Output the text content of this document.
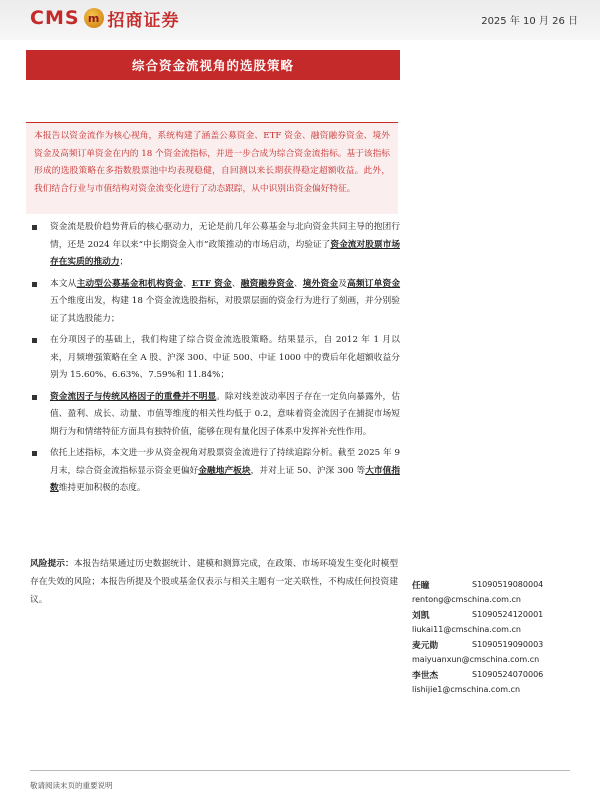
CMS m 招商证券	2025 年 10 月 26 日
综合资金流视角的选股策略
本报告以资金流作为核心视角，系统构建了涵盖公募资金、ETF 资金、融资融券资金、境外资金及高频订单资金在内的 18 个资金流指标，并进一步合成为综合资金流指标。基于该指标形成的选股策略在多指数股票池中均表现稳健，自回测以来长期获得稳定超额收益。此外，我们结合行业与市值结构对资金流变化进行了动态跟踪，从中识别出资金偏好特征。
资金流是股价趋势背后的核心驱动力，无论是前几年公募基金与北向资金共同主导的抱团行情，还是 2024 年以来“中长期资金入市”政策推动的市场启动，均验证了资金流对股票市场存在实质的推动力；
本文从主动型公募基金和机构资金、ETF 资金、融资融券资金、境外资金及高频订单资金五个维度出发，构建 18 个资金流选股指标，对股票层面的资金行为进行了刻画，并分别验证了其选股能力；
在分项因子的基础上，我们构建了综合资金流选股策略。结果显示，自 2012 年 1 月以来，月频增强策略在全 A 股、沪深 300、中证 500、中证 1000 中的费后年化超额收益分别为 15.60%、6.63%、7.59%和 11.84%；
资金流因子与传统风格因子的重叠并不明显。除对线差波动率因子存在一定负向暴露外，估值、盈利、成长、动量、市值等维度的相关性均低于 0.2，意味着资金流因子在捕捉市场短期行为和情绪特征方面具有独特价值，能够在现有量化因子体系中发挥补充性作用。
依托上述指标，本文进一步从资金视角对股票资金流进行了持续追踪分析。截至 2025 年 9 月末，综合资金流指标显示资金更偏好金融地产板块，并对上证 50、沪深 300 等大市值指数维持更加积极的态度。
风险提示：本报告结果通过历史数据统计、建模和测算完成，在政策、市场环境发生变化时模型存在失效的风险；本报告所提及个股或基金仅表示与相关主题有一定关联性，不构成任何投资建议。
任瞳	S1090519080004
rentong@cmschina.com.cn
刘凯	S1090524120001
liukai11@cmschina.com.cn
麦元勋	S1090519090003
maiyuanxun@cmschina.com.cn
李世杰	S1090524070006
lishijie1@cmschina.com.cn
敬请阅读末页的重要说明
